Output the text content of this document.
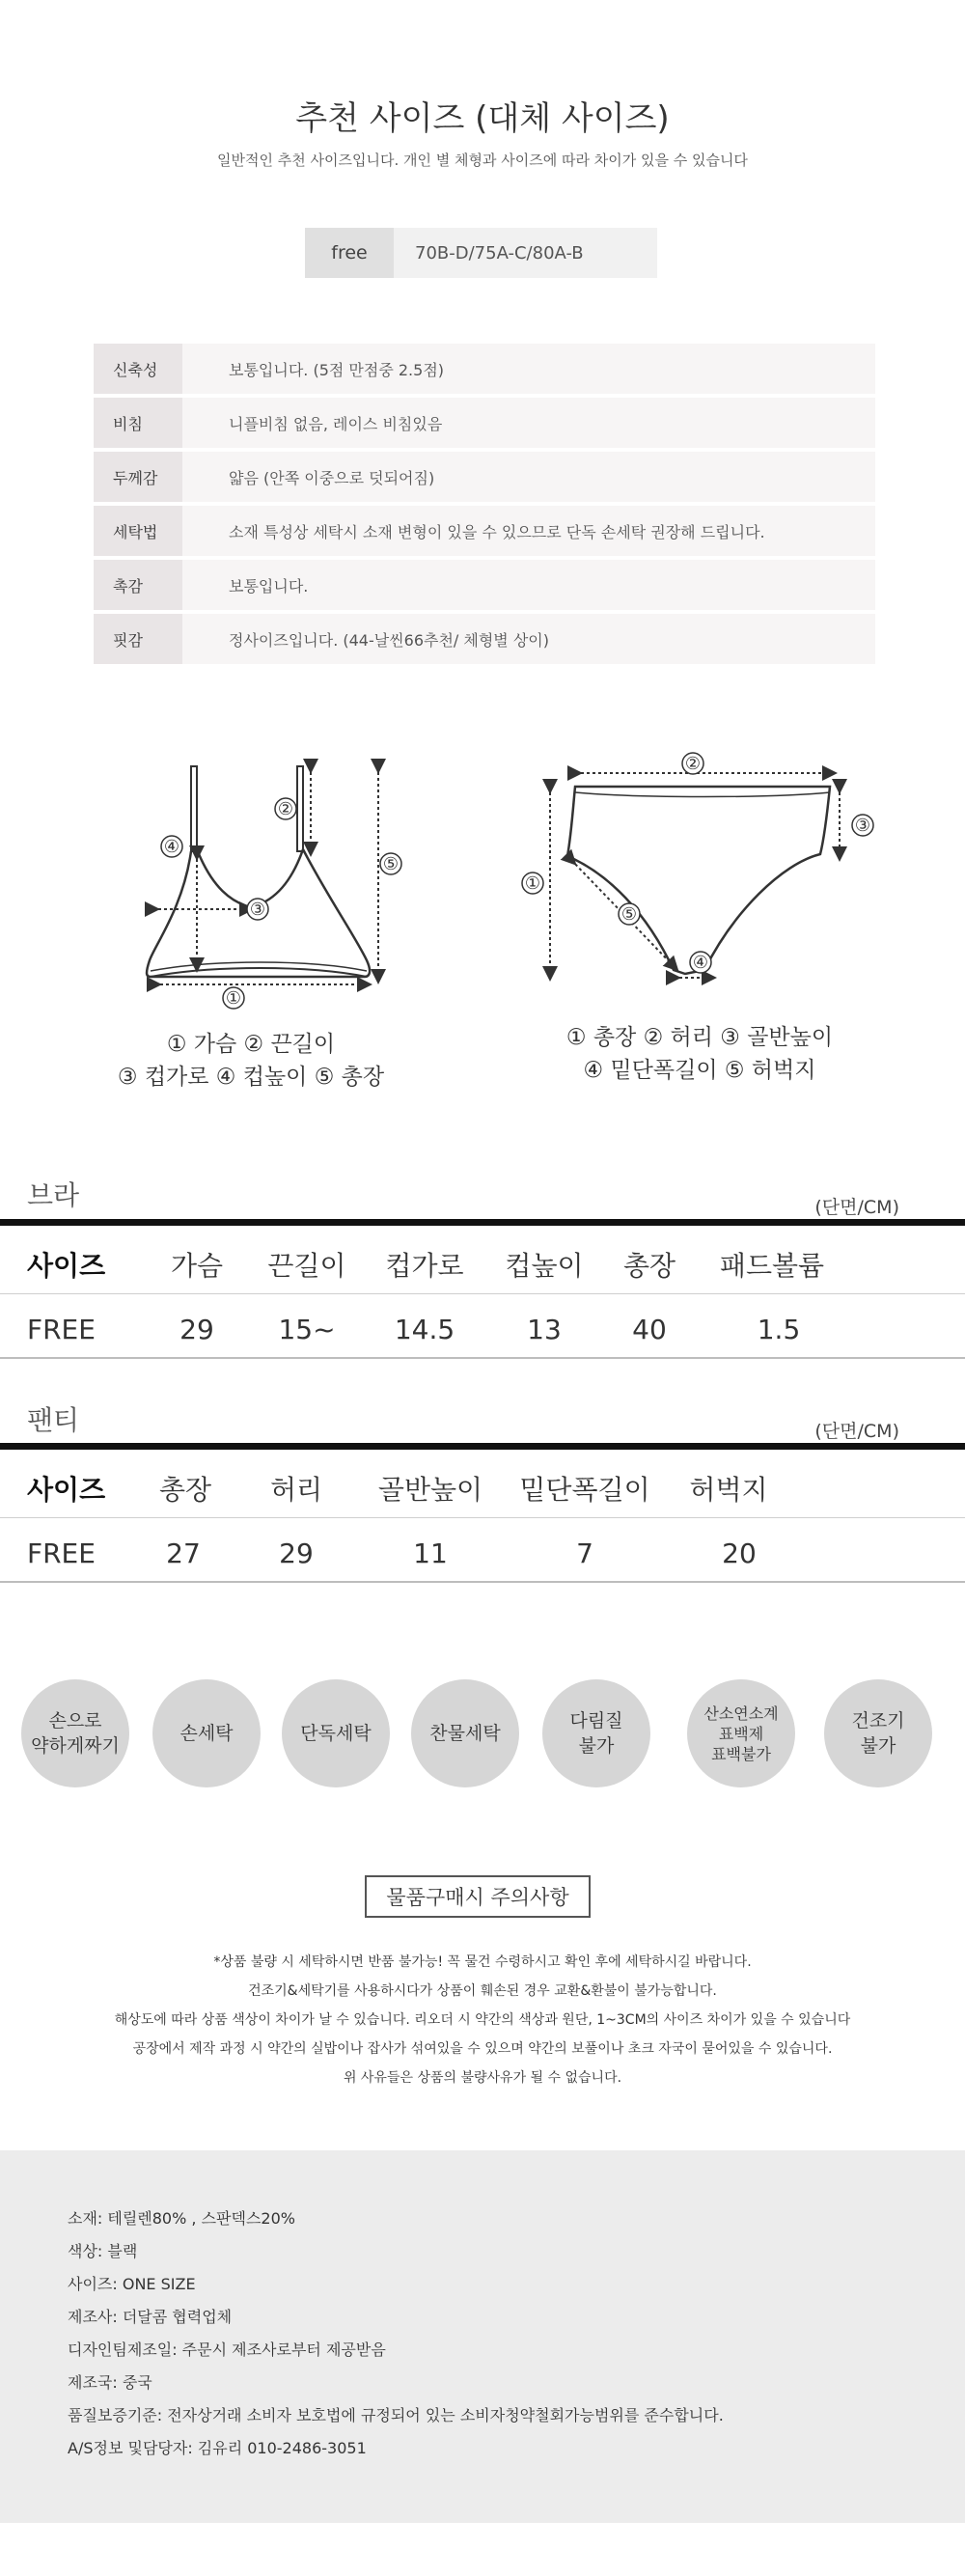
추천 사이즈 (대체 사이즈)
일반적인 추천 사이즈입니다. 개인 별 체형과 사이즈에 따라 차이가 있을 수 있습니다
free	70B-D/75A-C/80A-B
신축성	보통입니다. (5점 만점중 2.5점)
비침	니플비침 없음, 레이스 비침있음
두께감	얇음 (안쪽 이중으로 덧되어짐)
세탁법	소재 특성상 세탁시 소재 변형이 있을 수 있으므로 단독 손세탁 권장해 드립니다.
촉감	보통입니다.
핏감	정사이즈입니다. (44-날씬66추천/ 체형별 상이)
①
②
③
④
⑤
① 가슴 ② 끈길이
③ 컵가로 ④ 컵높이 ⑤ 총장
①
②
③
④
⑤
① 총장 ② 허리 ③ 골반높이
④ 밑단폭길이 ⑤ 허벅지
브라	(단면/CM)
사이즈 가슴 끈길이 컵가로 컵높이 총장 패드볼륨
FREE	29 15~ 14.5	13	40	1.5
팬티	(단면/CM)
사이즈 총장 허리 골반높이 밑단폭길이 허벅지
FREE	27	29	11	7	20
손으로
약하게짜기
손세탁	단독세탁	찬물세탁
다림질
불가
산소연소계
표백제
표백불가
건조기
불가
물품구매시 주의사항
*상품 불량 시 세탁하시면 반품 불가능! 꼭 물건 수령하시고 확인 후에 세탁하시길 바랍니다.
건조기&세탁기를 사용하시다가 상품이 훼손된 경우 교환&환불이 불가능합니다.
해상도에 따라 상품 색상이 차이가 날 수 있습니다. 리오더 시 약간의 색상과 원단, 1~3CM의 사이즈 차이가 있을 수 있습니다
공장에서 제작 과정 시 약간의 실밥이나 잡사가 섞여있을 수 있으며 약간의 보풀이나 초크 자국이 묻어있을 수 있습니다.
위 사유들은 상품의 불량사유가 될 수 없습니다.
소재: 테릴렌80% , 스판덱스20%
색상: 블랙
사이즈: ONE SIZE
제조사: 더달콤 협력업체
디자인팀제조일: 주문시 제조사로부터 제공받음
제조국: 중국
품질보증기준: 전자상거래 소비자 보호법에 규정되어 있는 소비자청약철회가능범위를 준수합니다.
A/S정보 및담당자: 김유리 010-2486-3051
